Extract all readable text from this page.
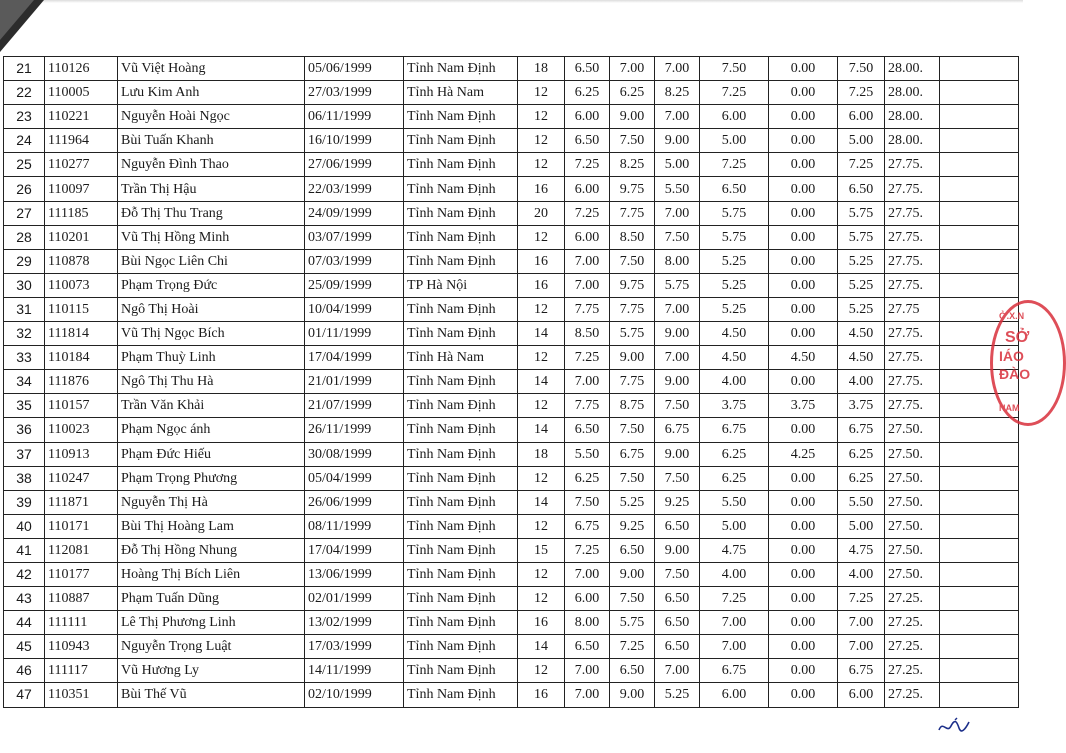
21	110126	Vũ Việt Hoàng	05/06/1999	Tỉnh Nam Định	18	6.50	7.00	7.00	7.50	0.00	7.50	28.00.	
22	110005	Lưu Kim Anh	27/03/1999	Tỉnh Hà Nam	12	6.25	6.25	8.25	7.25	0.00	7.25	28.00.	
23	110221	Nguyễn Hoài Ngọc	06/11/1999	Tỉnh Nam Định	12	6.00	9.00	7.00	6.00	0.00	6.00	28.00.	
24	111964	Bùi Tuấn Khanh	16/10/1999	Tỉnh Nam Định	12	6.50	7.50	9.00	5.00	0.00	5.00	28.00.	
25	110277	Nguyễn Đình Thao	27/06/1999	Tỉnh Nam Định	12	7.25	8.25	5.00	7.25	0.00	7.25	27.75.	
26	110097	Trần Thị Hậu	22/03/1999	Tỉnh Nam Định	16	6.00	9.75	5.50	6.50	0.00	6.50	27.75.	
27	111185	Đỗ Thị Thu Trang	24/09/1999	Tỉnh Nam Định	20	7.25	7.75	7.00	5.75	0.00	5.75	27.75.	
28	110201	Vũ Thị Hồng Minh	03/07/1999	Tỉnh Nam Định	12	6.00	8.50	7.50	5.75	0.00	5.75	27.75.	
29	110878	Bùi Ngọc Liên Chi	07/03/1999	Tỉnh Nam Định	16	7.00	7.50	8.00	5.25	0.00	5.25	27.75.	
30	110073	Phạm Trọng Đức	25/09/1999	TP Hà Nội	16	7.00	9.75	5.75	5.25	0.00	5.25	27.75.	
31	110115	Ngô Thị Hoài	10/04/1999	Tỉnh Nam Định	12	7.75	7.75	7.00	5.25	0.00	5.25	27.75	
32	111814	Vũ Thị Ngọc Bích	01/11/1999	Tỉnh Nam Định	14	8.50	5.75	9.00	4.50	0.00	4.50	27.75.	
33	110184	Phạm Thuỳ Linh	17/04/1999	Tỉnh Hà Nam	12	7.25	9.00	7.00	4.50	4.50	4.50	27.75.	
34	111876	Ngô Thị Thu Hà	21/01/1999	Tỉnh Nam Định	14	7.00	7.75	9.00	4.00	0.00	4.00	27.75.	
35	110157	Trần Văn Khải	21/07/1999	Tỉnh Nam Định	12	7.75	8.75	7.50	3.75	3.75	3.75	27.75.	
36	110023	Phạm Ngọc ánh	26/11/1999	Tỉnh Nam Định	14	6.50	7.50	6.75	6.75	0.00	6.75	27.50.	
37	110913	Phạm Đức Hiếu	30/08/1999	Tỉnh Nam Định	18	5.50	6.75	9.00	6.25	4.25	6.25	27.50.	
38	110247	Phạm Trọng Phương	05/04/1999	Tỉnh Nam Định	12	6.25	7.50	7.50	6.25	0.00	6.25	27.50.	
39	111871	Nguyễn Thị Hà	26/06/1999	Tỉnh Nam Định	14	7.50	5.25	9.25	5.50	0.00	5.50	27.50.	
40	110171	Bùi Thị Hoàng Lam	08/11/1999	Tỉnh Nam Định	12	6.75	9.25	6.50	5.00	0.00	5.00	27.50.	
41	112081	Đỗ Thị Hồng Nhung	17/04/1999	Tỉnh Nam Định	15	7.25	6.50	9.00	4.75	0.00	4.75	27.50.	
42	110177	Hoàng Thị Bích Liên	13/06/1999	Tỉnh Nam Định	12	7.00	9.00	7.50	4.00	0.00	4.00	27.50.	
43	110887	Phạm Tuấn Dũng	02/01/1999	Tỉnh Nam Định	12	6.00	7.50	6.50	7.25	0.00	7.25	27.25.	
44	111111	Lê Thị Phương Linh	13/02/1999	Tỉnh Nam Định	16	8.00	5.75	6.50	7.00	0.00	7.00	27.25.	
45	110943	Nguyễn Trọng Luật	17/03/1999	Tỉnh Nam Định	14	6.50	7.25	6.50	7.00	0.00	7.00	27.25.	
46	111117	Vũ Hương Ly	14/11/1999	Tỉnh Nam Định	12	7.00	6.50	7.00	6.75	0.00	6.75	27.25.	
47	110351	Bùi Thế Vũ	02/10/1999	Tỉnh Nam Định	16	7.00	9.00	5.25	6.00	0.00	6.00	27.25.	
Ở.X.N
SỞ
IÁO
ĐÀO
NAM
